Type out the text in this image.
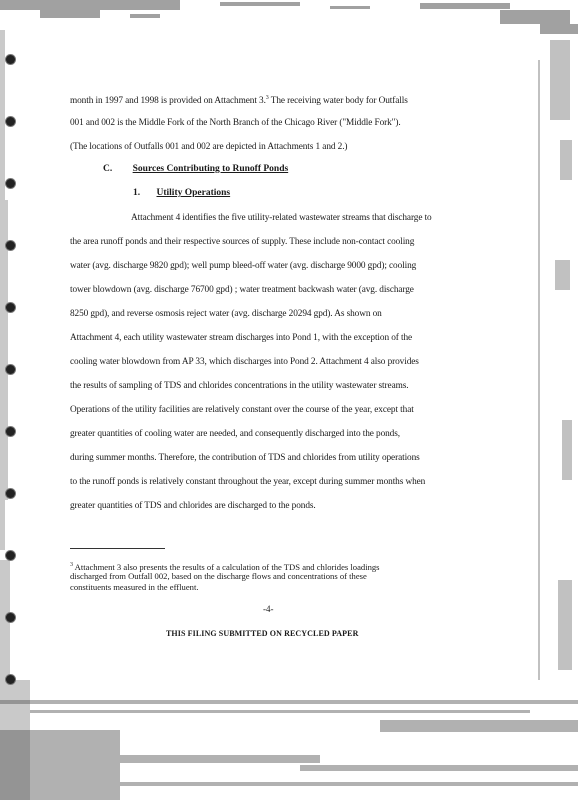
month in 1997 and 1998 is provided on Attachment 3.$^3$ The receiving water body for Outfalls
001 and 002 is the Middle Fork of the North Branch of the Chicago River ("Middle Fork").
(The locations of Outfalls 001 and 002 are depicted in Attachments 1 and 2.)
C. Sources Contributing to Runoff Ponds
1. Utility Operations
Attachment 4 identifies the five utility-related wastewater streams that discharge to
the area runoff ponds and their respective sources of supply. These include non-contact cooling
water (avg. discharge 9820 gpd); well pump bleed-off water (avg. discharge 9000 gpd); cooling
tower blowdown (avg. discharge 76700 gpd) ; water treatment backwash water (avg. discharge
8250 gpd), and reverse osmosis reject water (avg. discharge 20294 gpd). As shown on
Attachment 4, each utility wastewater stream discharges into Pond 1, with the exception of the
cooling water blowdown from AP 33, which discharges into Pond 2. Attachment 4 also provides
the results of sampling of TDS and chlorides concentrations in the utility wastewater streams.
Operations of the utility facilities are relatively constant over the course of the year, except that
greater quantities of cooling water are needed, and consequently discharged into the ponds,
during summer months. Therefore, the contribution of TDS and chlorides from utility operations
to the runoff ponds is relatively constant throughout the year, except during summer months when
greater quantities of TDS and chlorides are discharged to the ponds.
$^3$ Attachment 3 also presents the results of a calculation of the TDS and chlorides loadings
discharged from Outfall 002, based on the discharge flows and concentrations of these
constituents measured in the effluent.
-4-
THIS FILING SUBMITTED ON RECYCLED PAPER
